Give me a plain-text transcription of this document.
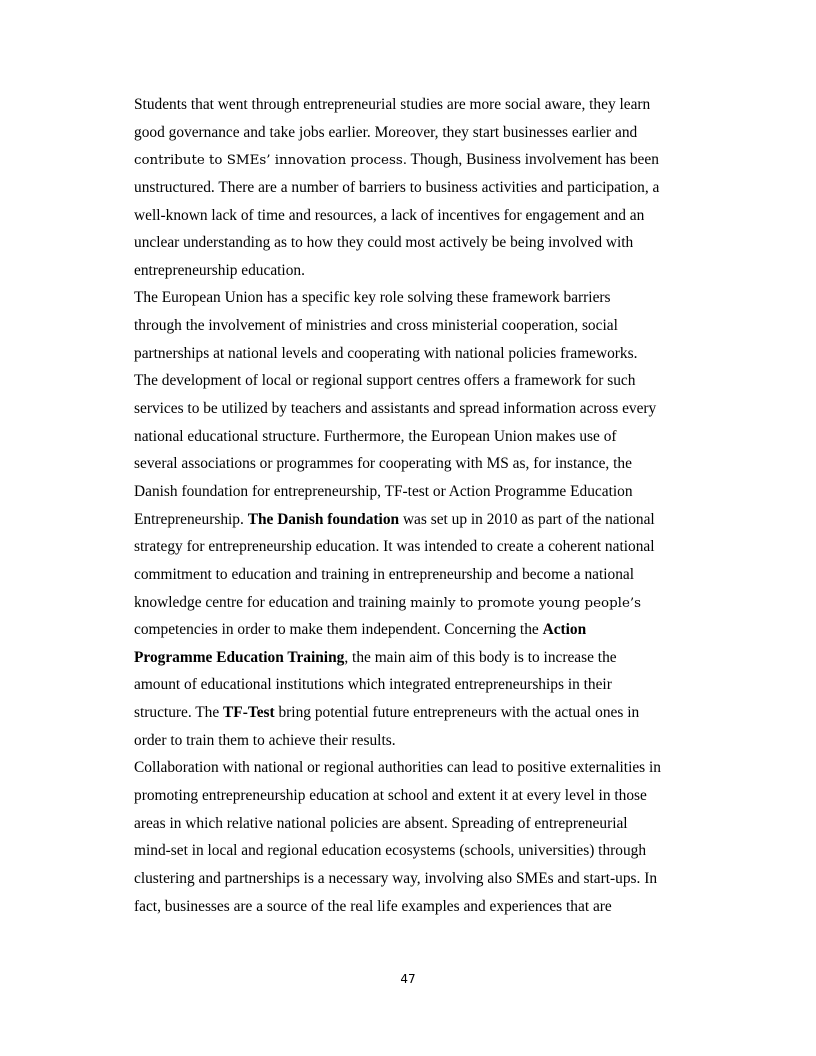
Students that went through entrepreneurial studies are more social aware, they learn
good governance and take jobs earlier. Moreover, they start businesses earlier and
contribute to SMEs’ innovation process. Though, Business involvement has been
unstructured. There are a number of barriers to business activities and participation, a
well-known lack of time and resources, a lack of incentives for engagement and an
unclear understanding as to how they could most actively be being involved with
entrepreneurship education.
The European Union has a specific key role solving these framework barriers
through the involvement of ministries and cross ministerial cooperation, social
partnerships at national levels and cooperating with national policies frameworks.
The development of local or regional support centres offers a framework for such
services to be utilized by teachers and assistants and spread information across every
national educational structure. Furthermore, the European Union makes use of
several associations or programmes for cooperating with MS as, for instance, the
Danish foundation for entrepreneurship, TF-test or Action Programme Education
Entrepreneurship. The Danish foundation was set up in 2010 as part of the national
strategy for entrepreneurship education. It was intended to create a coherent national
commitment to education and training in entrepreneurship and become a national
knowledge centre for education and training mainly to promote young people’s
competencies in order to make them independent. Concerning the Action
Programme Education Training, the main aim of this body is to increase the
amount of educational institutions which integrated entrepreneurships in their
structure. The TF-Test bring potential future entrepreneurs with the actual ones in
order to train them to achieve their results.
Collaboration with national or regional authorities can lead to positive externalities in
promoting entrepreneurship education at school and extent it at every level in those
areas in which relative national policies are absent. Spreading of entrepreneurial
mind-set in local and regional education ecosystems (schools, universities) through
clustering and partnerships is a necessary way, involving also SMEs and start-ups. In
fact, businesses are a source of the real life examples and experiences that are
47
